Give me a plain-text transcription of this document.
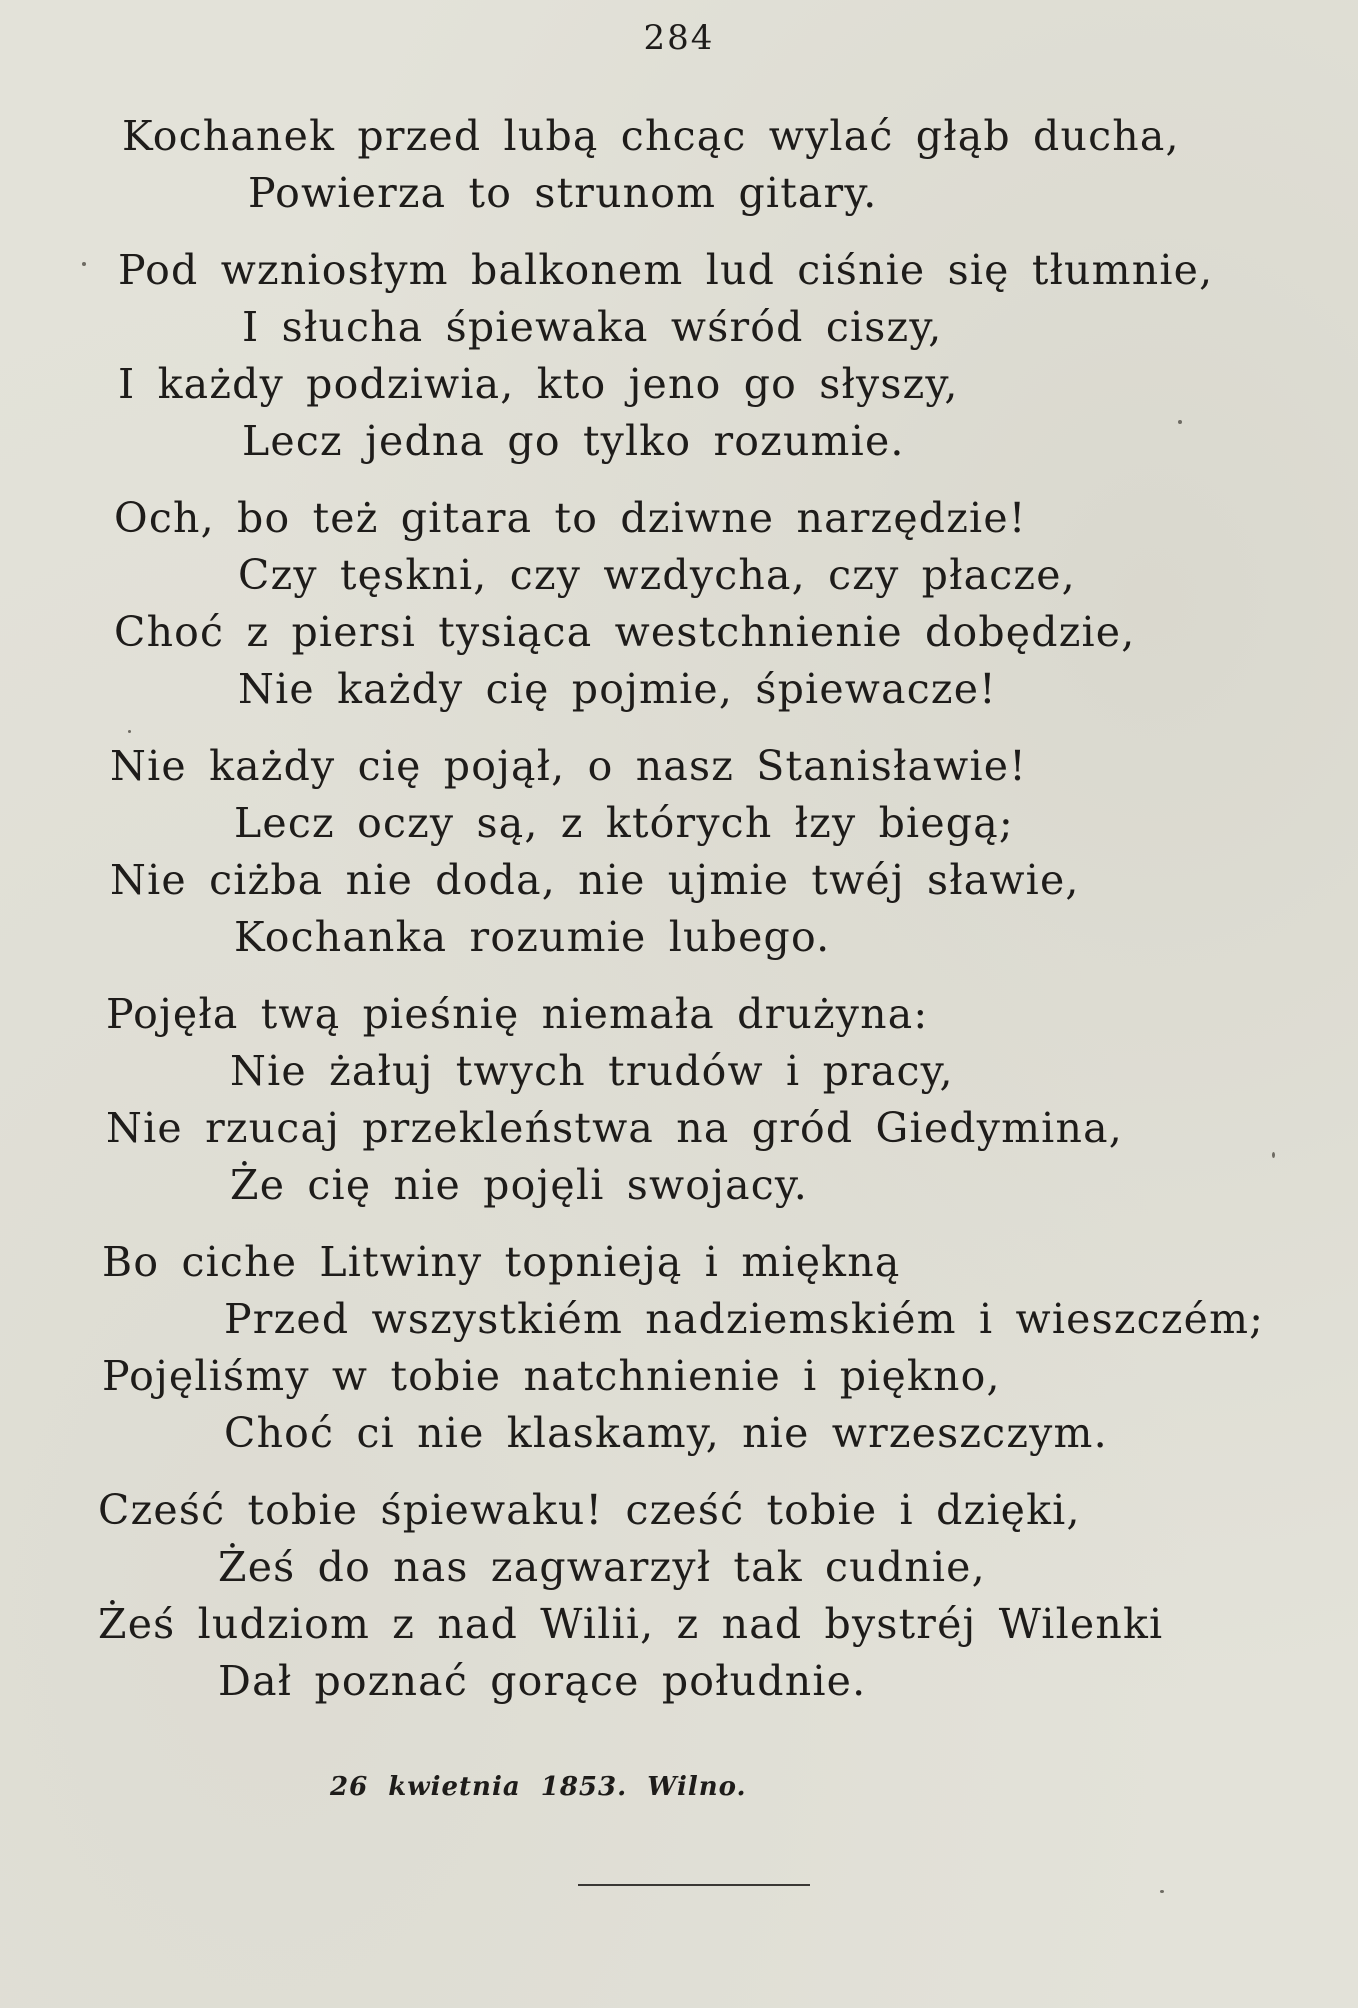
284
Kochanek przed lubą chcąc wylać głąb ducha,
Powierza to strunom gitary.
Pod wzniosłym balkonem lud ciśnie się tłumnie,
I słucha śpiewaka wśród ciszy,
I każdy podziwia, kto jeno go słyszy,
Lecz jedna go tylko rozumie.
Och, bo też gitara to dziwne narzędzie!
Czy tęskni, czy wzdycha, czy płacze,
Choć z piersi tysiąca westchnienie dobędzie,
Nie każdy cię pojmie, śpiewacze!
Nie każdy cię pojął, o nasz Stanisławie!
Lecz oczy są, z których łzy biegą;
Nie ciżba nie doda, nie ujmie twéj sławie,
Kochanka rozumie lubego.
Pojęła twą pieśnię niemała drużyna:
Nie żałuj twych trudów i pracy,
Nie rzucaj przekleństwa na gród Giedymina,
Że cię nie pojęli swojacy.
Bo ciche Litwiny topnieją i miękną
Przed wszystkiém nadziemskiém i wieszczém;
Pojęliśmy w tobie natchnienie i piękno,
Choć ci nie klaskamy, nie wrzeszczym.
Cześć tobie śpiewaku! cześć tobie i dzięki,
Żeś do nas zagwarzył tak cudnie,
Żeś ludziom z nad Wilii, z nad bystréj Wilenki
Dał poznać gorące południe.
26 kwietnia 1853. Wilno.
